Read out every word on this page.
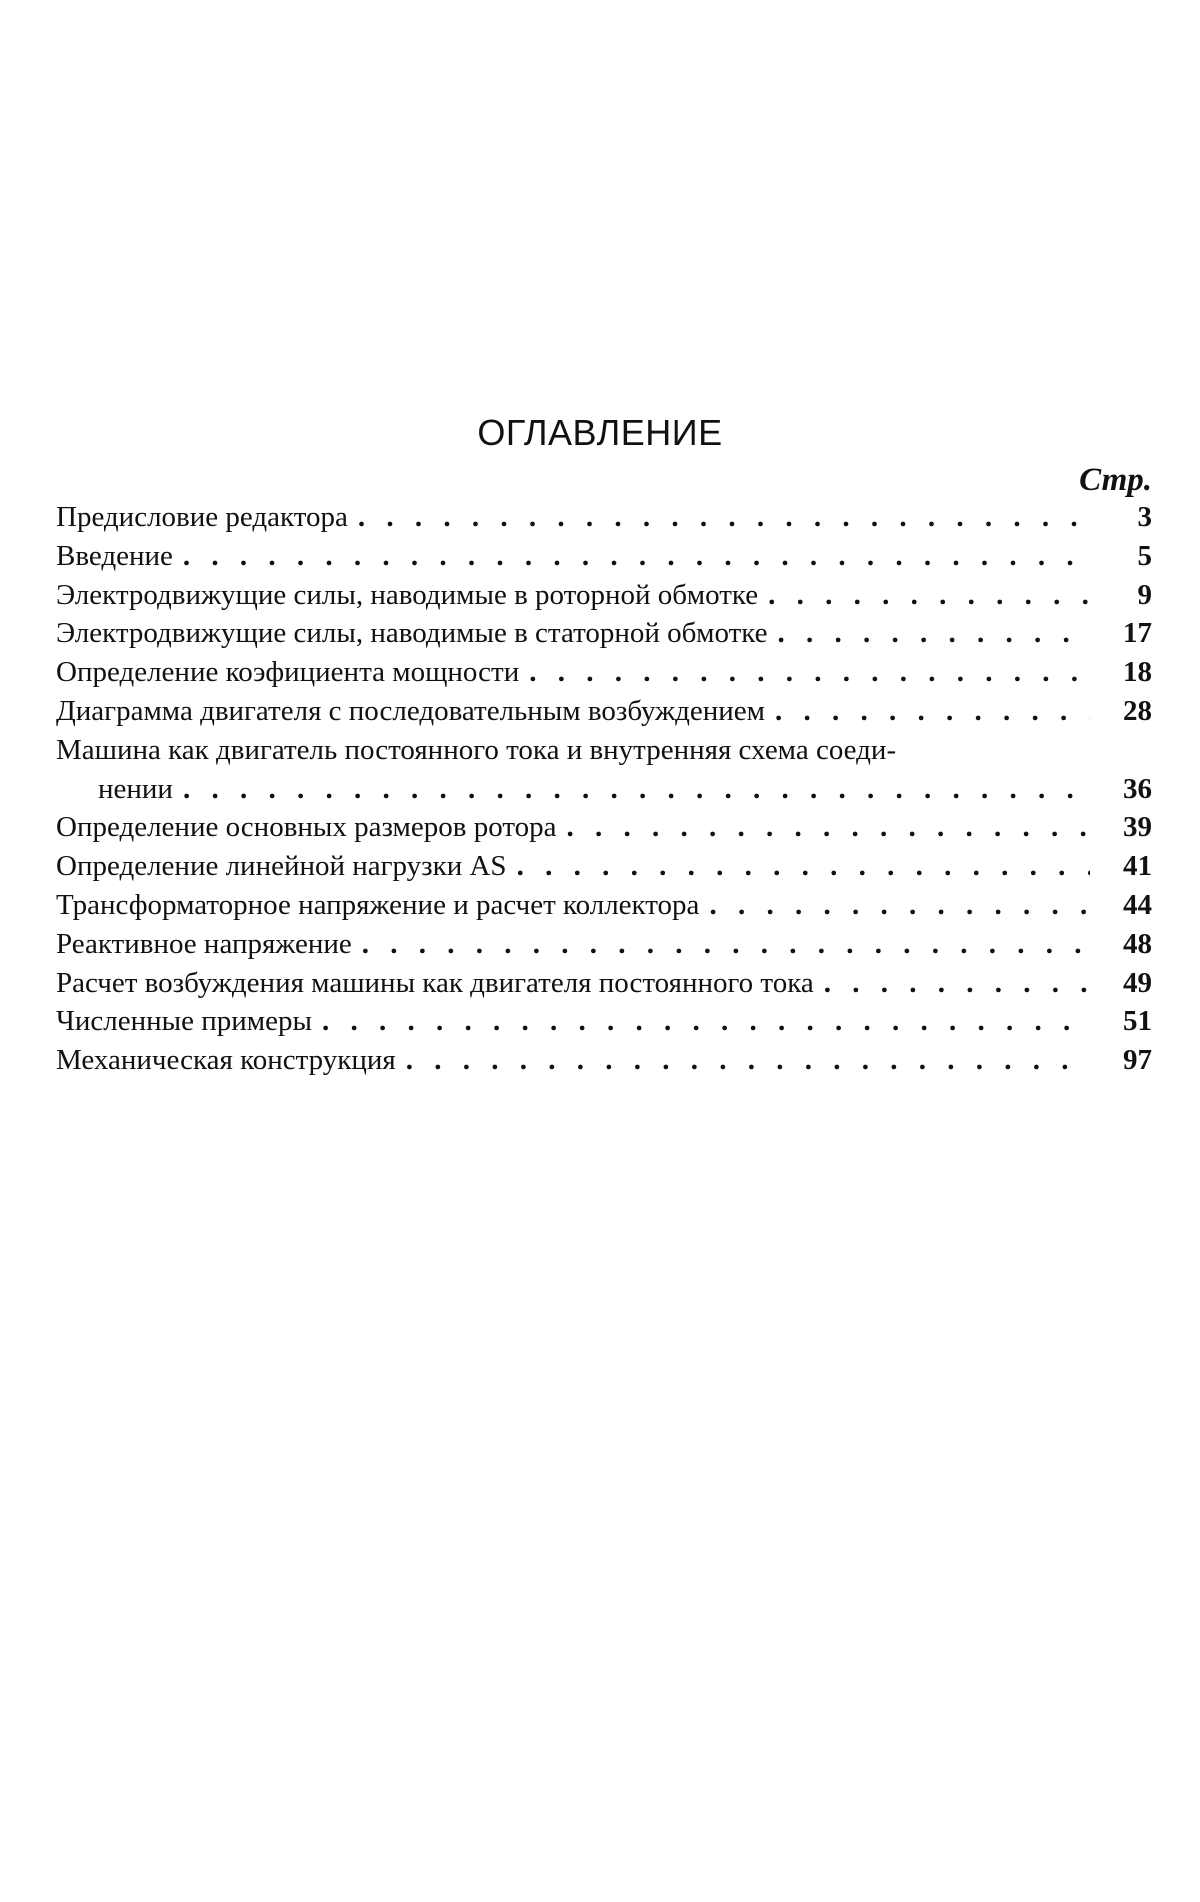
ОГЛАВЛЕНИЕ
Стр.
Предисловие редактора . . .	3
Введение . . .	5
Электродвижущие силы, наводимые в роторной обмотке . . .	9
Электродвижущие силы, наводимые в статорной обмотке . . .	17
Определение коэфициента мощности . . .	18
Диаграмма двигателя с последовательным возбуждением . . .	28
Машина как двигатель постоянного тока и внутренняя схема соеди-
нении . . .	36
Определение основных размеров ротора . . .	39
Определение линейной нагрузки AS . . .	41
Трансформаторное напряжение и расчет коллектора . . .	44
Реактивное напряжение . . .	48
Расчет возбуждения машины как двигателя постоянного тока . . .	49
Численные примеры . . .	51
Механическая конструкция . . .	97
